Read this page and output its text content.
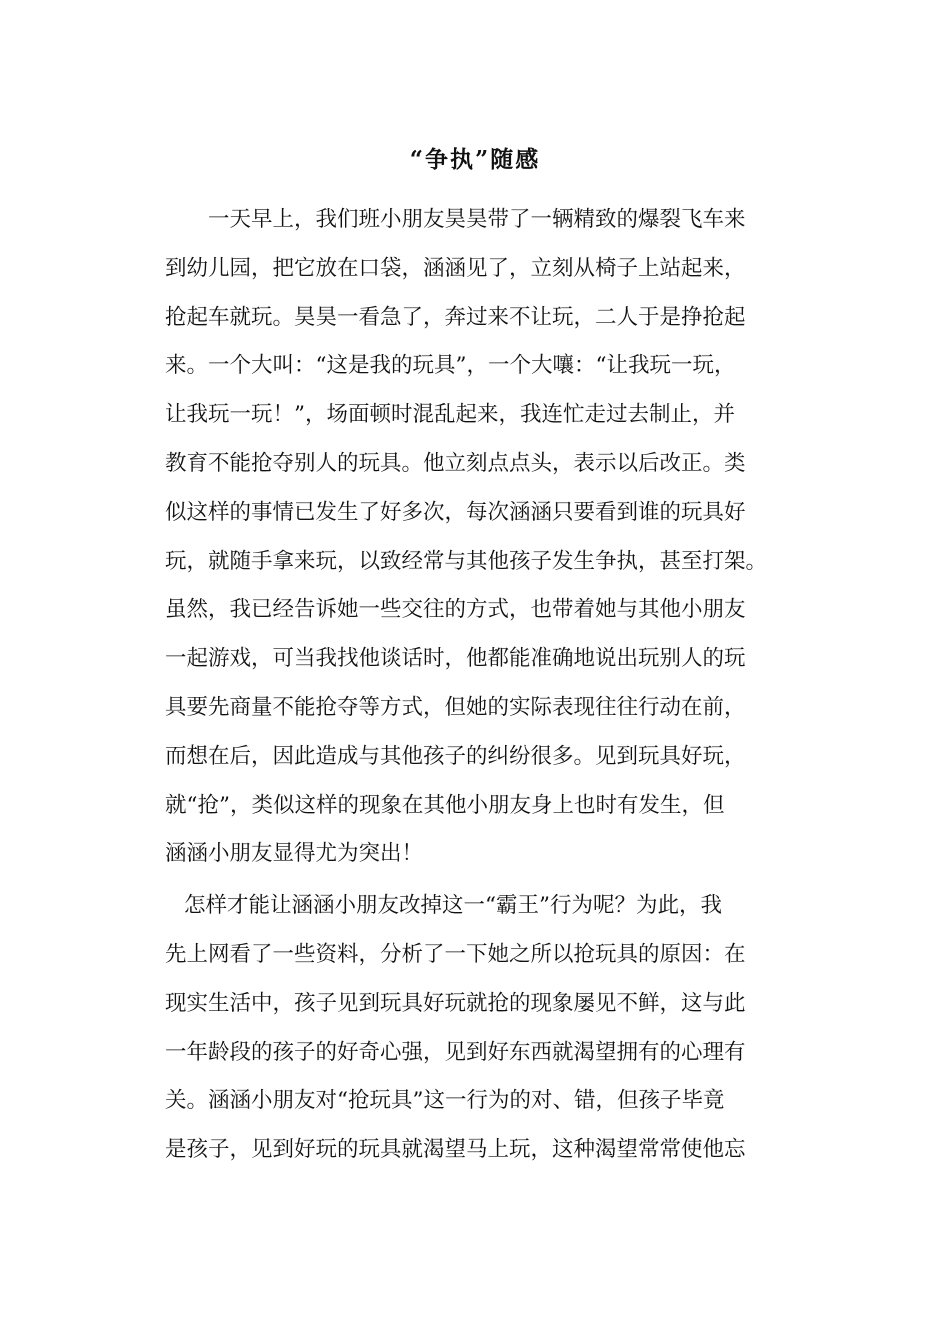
“争执”随感
一天早上，我们班小朋友昊昊带了一辆精致的爆裂飞车来
到幼儿园，把它放在口袋，涵涵见了，立刻从椅子上站起来，
抢起车就玩。昊昊一看急了，奔过来不让玩，二人于是挣抢起
来。一个大叫：“这是我的玩具”，一个大嚷：“让我玩一玩，
让我玩一玩！”，场面顿时混乱起来，我连忙走过去制止，并
教育不能抢夺别人的玩具。他立刻点点头，表示以后改正。类
似这样的事情已发生了好多次，每次涵涵只要看到谁的玩具好
玩，就随手拿来玩，以致经常与其他孩子发生争执，甚至打架。
虽然，我已经告诉她一些交往的方式，也带着她与其他小朋友
一起游戏，可当我找他谈话时，他都能准确地说出玩别人的玩
具要先商量不能抢夺等方式，但她的实际表现往往行动在前，
而想在后，因此造成与其他孩子的纠纷很多。见到玩具好玩，
就“抢”，类似这样的现象在其他小朋友身上也时有发生，但
涵涵小朋友显得尤为突出！
怎样才能让涵涵小朋友改掉这一“霸王”行为呢？为此，我
先上网看了一些资料，分析了一下她之所以抢玩具的原因：在
现实生活中，孩子见到玩具好玩就抢的现象屡见不鲜，这与此
一年龄段的孩子的好奇心强，见到好东西就渴望拥有的心理有
关。涵涵小朋友对“抢玩具”这一行为的对、错，但孩子毕竟
是孩子，见到好玩的玩具就渴望马上玩，这种渴望常常使他忘
